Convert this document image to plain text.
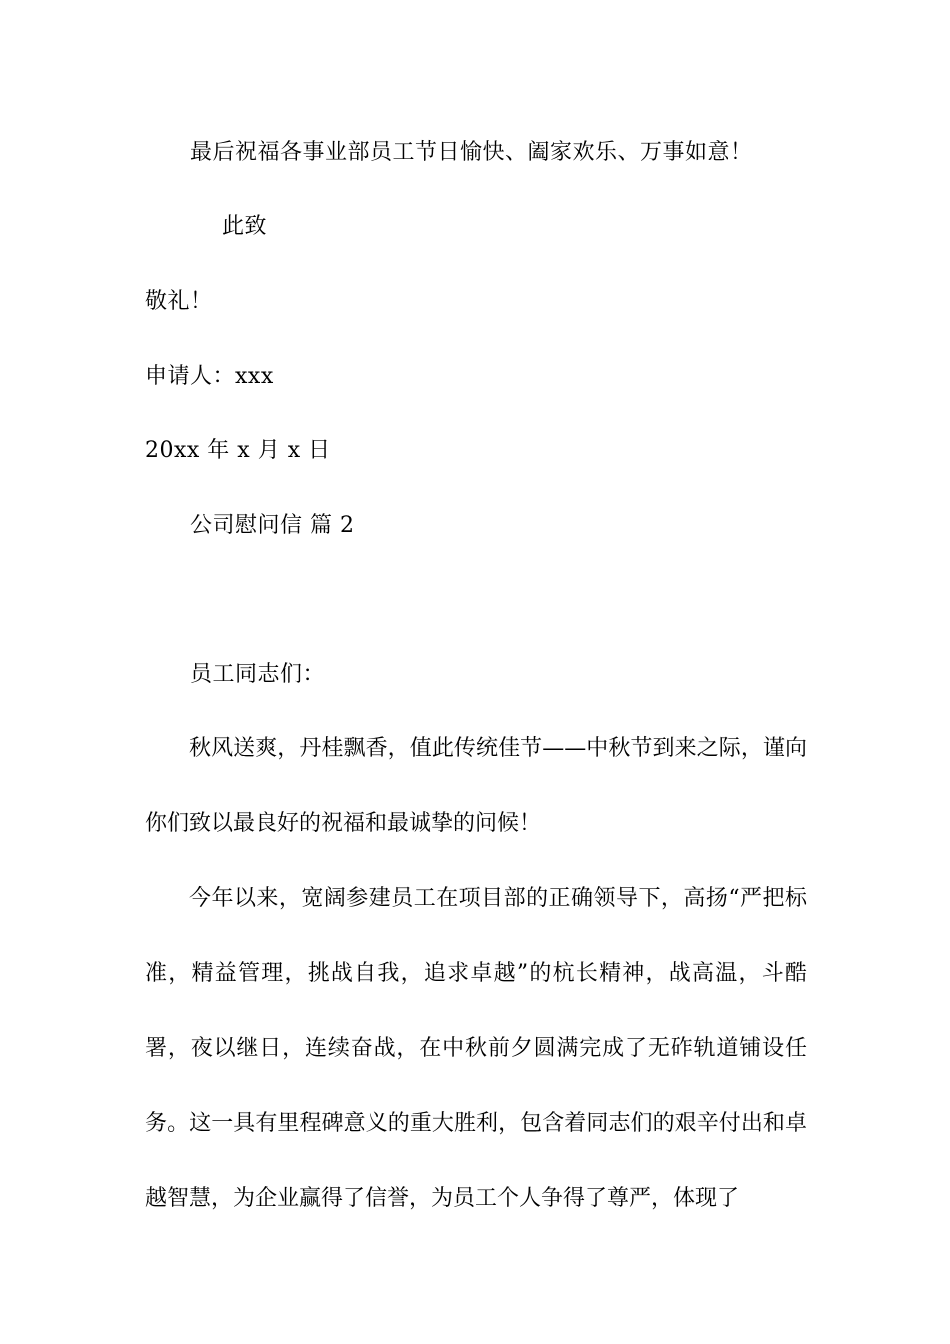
最后祝福各事业部员工节日愉快、阖家欢乐、万事如意！
此致
敬礼！
申请人：xxx
20xx 年 x 月 x 日
公司慰问信 篇 2
员工同志们：

秋风送爽，丹桂飘香，值此传统佳节——中秋节到来之际，谨向你们致以最良好的祝福和最诚挚的问候！

今年以来，宽阔参建员工在项目部的正确领导下，高扬“严把标准，精益管理，挑战自我，追求卓越”的杭长精神，战高温，斗酷署，夜以继日，连续奋战，在中秋前夕圆满完成了无砟轨道铺设任务。这一具有里程碑意义的重大胜利，包含着同志们的艰辛付出和卓越智慧，为企业赢得了信誉，为员工个人争得了尊严，体现了
